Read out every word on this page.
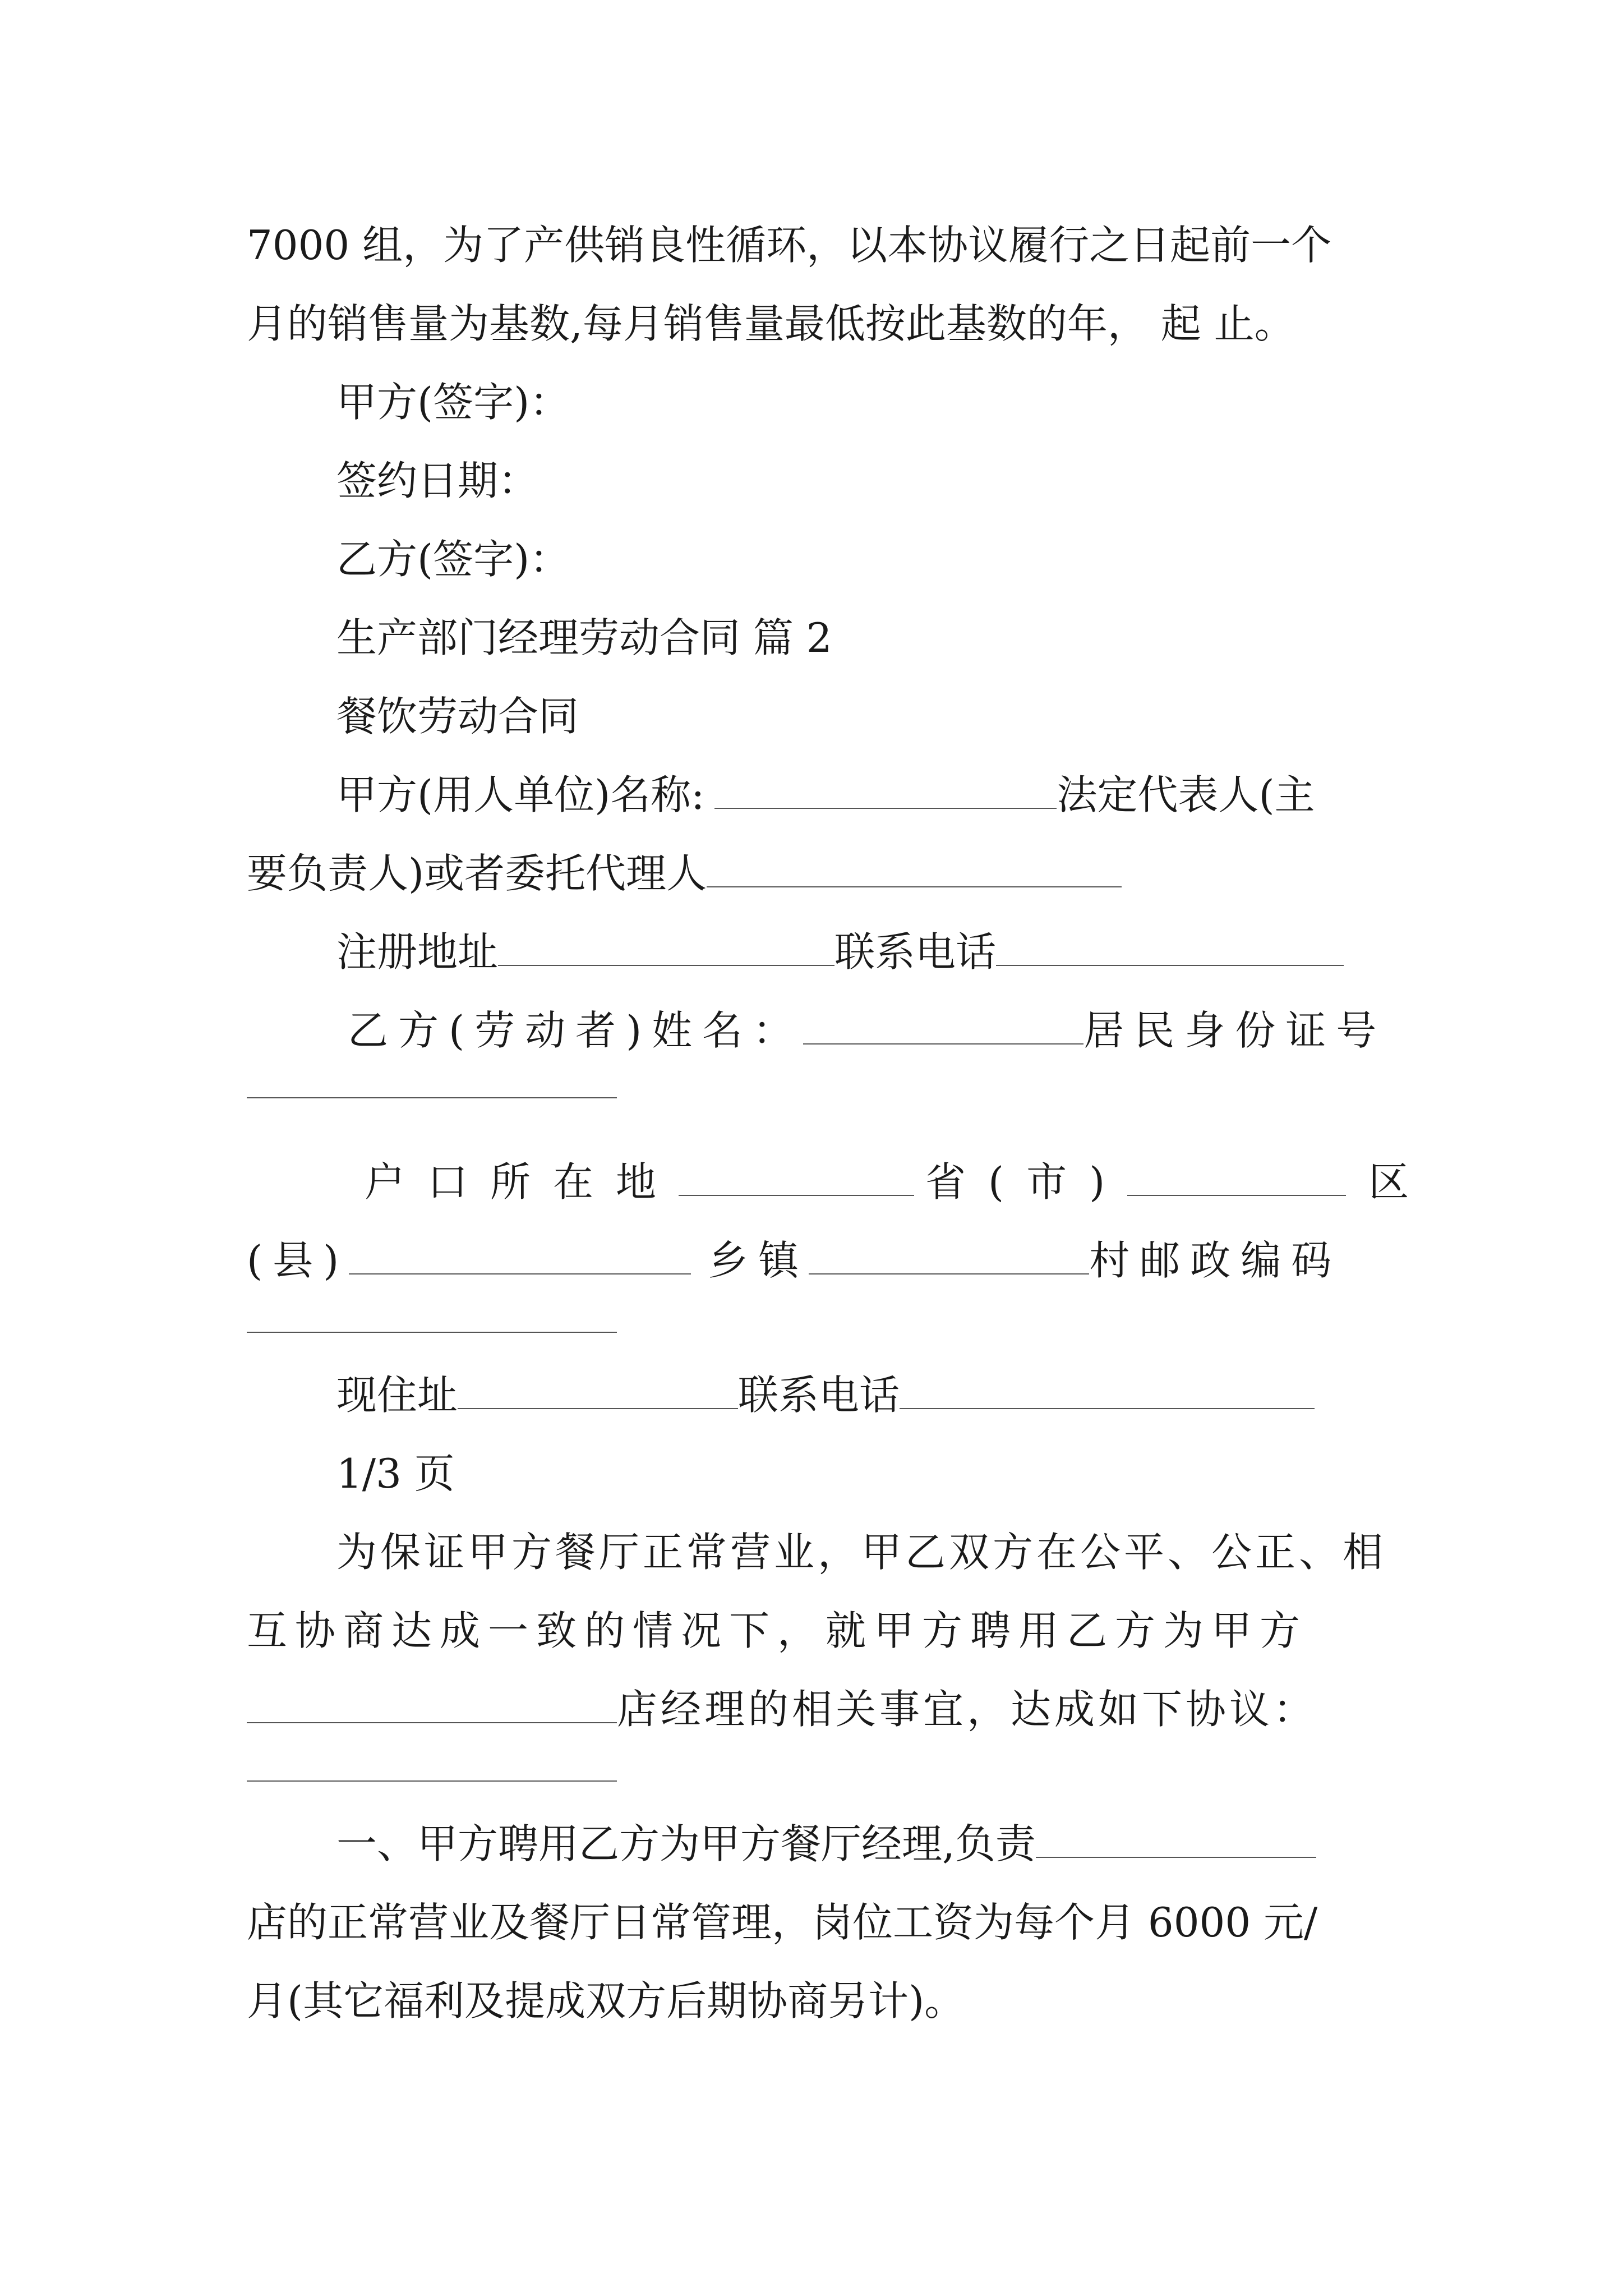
7000 组，为了产供销良性循环，以本协议履行之日起前一个
月的销售量为基数,每月销售量最低按此基数的年， 起 止。
甲方(签字)：
签约日期：
乙方(签字)：
生产部门经理劳动合同 篇 2
餐饮劳动合同
甲方(用人单位)名称:	法定代表人(主
要负责人)或者委托代理人
注册地址	联系电话
乙方(劳动者)姓名：	居民身份证号
户口所在地	省(市)	区
(县)	乡镇	村邮政编码
现住址	联系电话
1/3 页
为保证甲方餐厅正常营业，甲乙双方在公平、公正、相
互协商达成一致的情况下，就甲方聘用乙方为甲方
店经理的相关事宜，达成如下协议：
一、甲方聘用乙方为甲方餐厅经理,负责
店的正常营业及餐厅日常管理，岗位工资为每个月 6000 元/
月(其它福利及提成双方后期协商另计)。
